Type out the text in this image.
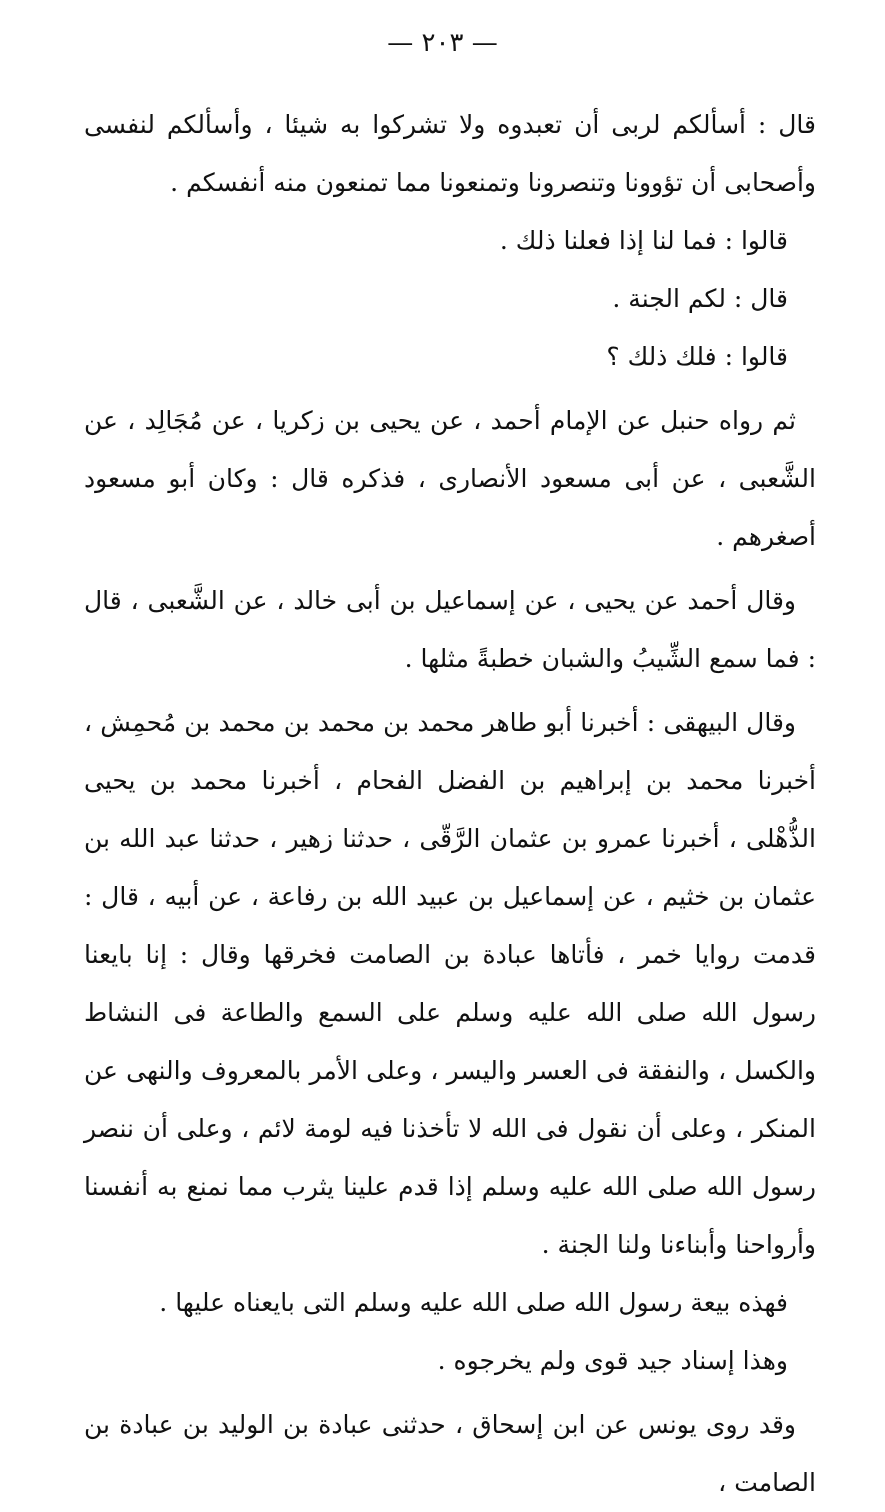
— ٢٠٣ —

قال : أسألكم لربى أن تعبدوه ولا تشركوا به شيئا ، وأسألكم لنفسى وأصحابى أن تؤوونا وتنصرونا وتمنعونا مما تمنعون منه أنفسكم .

قالوا : فما لنا إذا فعلنا ذلك .

قال : لكم الجنة .

قالوا : فلك ذلك ؟

ثم رواه حنبل عن الإمام أحمد ، عن يحيى بن زكريا ، عن مُجَالِد ، عن الشَّعبى ، عن أبى مسعود الأنصارى ، فذكره قال : وكان أبو مسعود أصغرهم .

وقال أحمد عن يحيى ، عن إسماعيل بن أبى خالد ، عن الشَّعبى ، قال : فما سمع الشِّيبُ والشبان خطبةً مثلها .

وقال البيهقى : أخبرنا أبو طاهر محمد بن محمد بن محمد بن مُحمِش ، أخبرنا محمد بن إبراهيم بن الفضل الفحام ، أخبرنا محمد بن يحيى الذُّهْلى ، أخبرنا عمرو بن عثمان الرَّقّى ، حدثنا زهير ، حدثنا عبد الله بن عثمان بن خثيم ، عن إسماعيل بن عبيد الله بن رفاعة ، عن أبيه ، قال : قدمت روايا خمر ، فأتاها عبادة بن الصامت فخرقها وقال : إنا بايعنا رسول الله صلى الله عليه وسلم على السمع والطاعة فى النشاط والكسل ، والنفقة فى العسر واليسر ، وعلى الأمر بالمعروف والنهى عن المنكر ، وعلى أن نقول فى الله لا تأخذنا فيه لومة لائم ، وعلى أن ننصر رسول الله صلى الله عليه وسلم إذا قدم علينا يثرب مما نمنع به أنفسنا وأرواحنا وأبناءنا ولنا الجنة .

فهذه بيعة رسول الله صلى الله عليه وسلم التى بايعناه عليها .

وهذا إسناد جيد قوى ولم يخرجوه .

وقد روى يونس عن ابن إسحاق ، حدثنى عبادة بن الوليد بن عبادة بن الصامت ،
